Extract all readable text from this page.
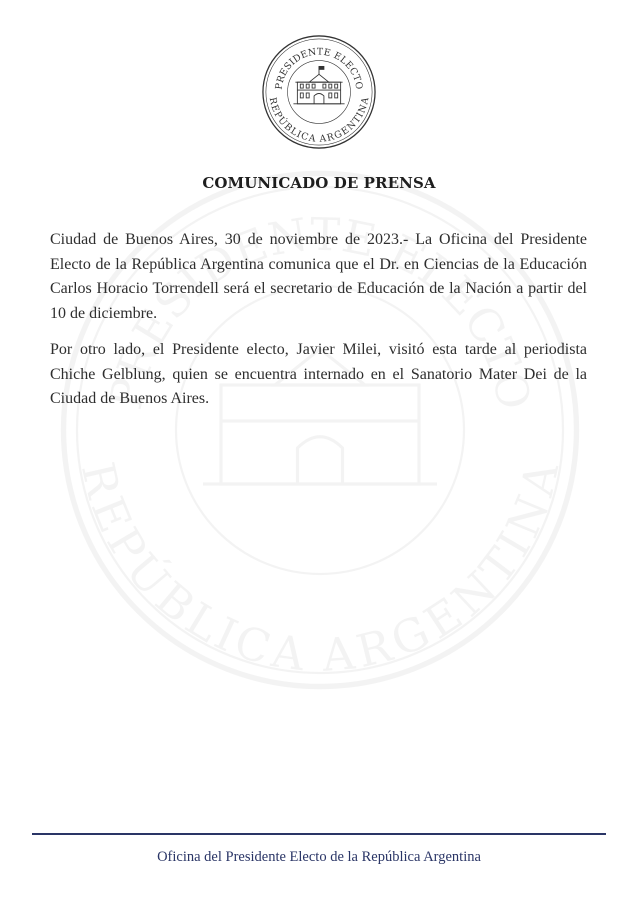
PRESIDENTE ELECTO
REPÚBLICA ARGENTINA
COMUNICADO DE PRENSA

Ciudad de Buenos Aires, 30 de noviembre de 2023.- La Oficina del Presidente Electo de la República Argentina comunica que el Dr. en Ciencias de la Educación Carlos Horacio Torrendell será el secretario de Educación de la Nación a partir del 10 de diciembre.

Por otro lado, el Presidente electo, Javier Milei, visitó esta tarde al periodista Chiche Gelblung, quien se encuentra internado en el Sanatorio Mater Dei de la Ciudad de Buenos Aires.

Oficina del Presidente Electo de la República Argentina
